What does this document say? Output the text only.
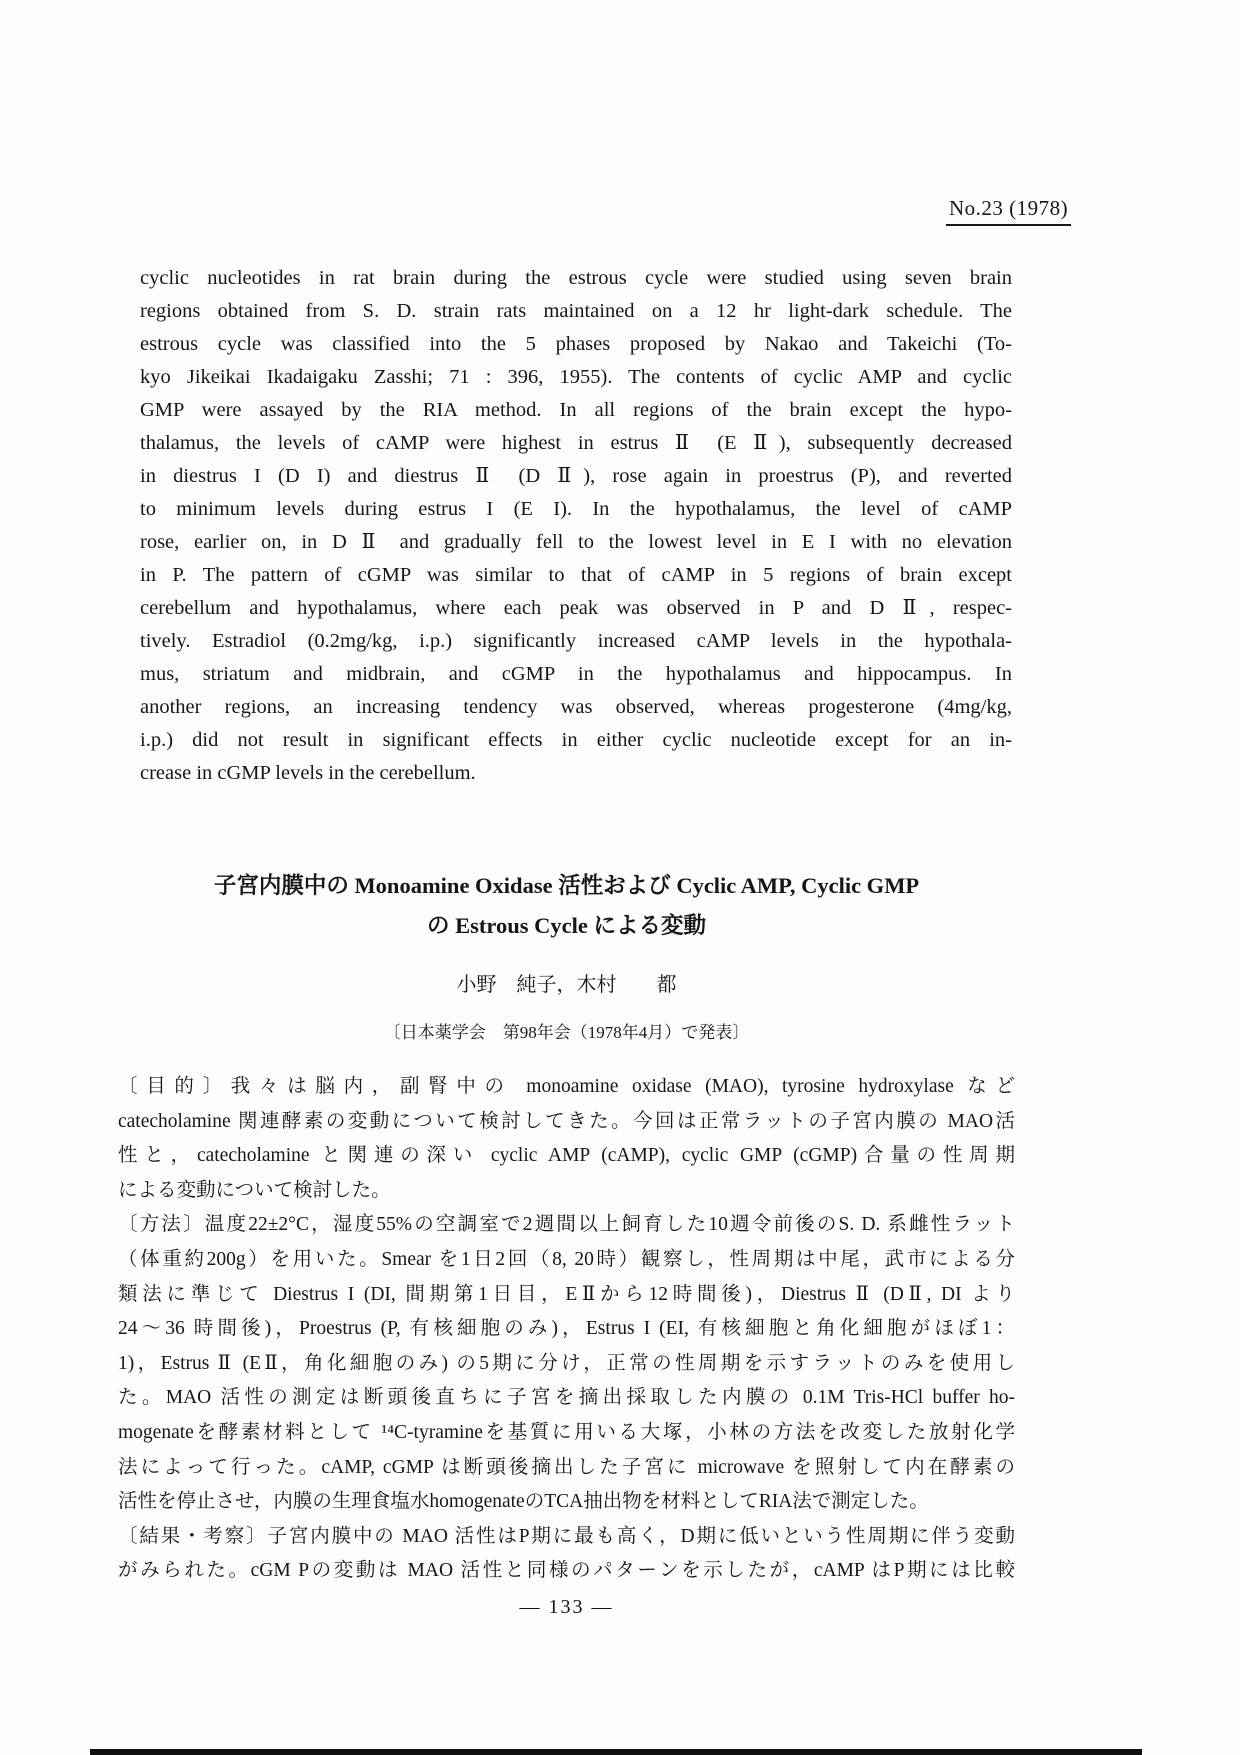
No.23 (1978)
cyclic nucleotides in rat brain during the estrous cycle were studied using seven brain
regions obtained from S. D. strain rats maintained on a 12 hr light-dark schedule. The
estrous cycle was classified into the 5 phases proposed by Nakao and Takeichi (To-
kyo Jikeikai Ikadaigaku Zasshi; 71 : 396, 1955). The contents of cyclic AMP and cyclic
GMP were assayed by the RIA method. In all regions of the brain except the hypo-
thalamus, the levels of cAMP were highest in estrus Ⅱ (E Ⅱ), subsequently decreased
in diestrus I (D I) and diestrus Ⅱ (D Ⅱ), rose again in proestrus (P), and reverted
to minimum levels during estrus I (E I). In the hypothalamus, the level of cAMP
rose, earlier on, in D Ⅱ and gradually fell to the lowest level in E I with no elevation
in P. The pattern of cGMP was similar to that of cAMP in 5 regions of brain except
cerebellum and hypothalamus, where each peak was observed in P and D Ⅱ, respec-
tively. Estradiol (0.2mg/kg, i.p.) significantly increased cAMP levels in the hypothala-
mus, striatum and midbrain, and cGMP in the hypothalamus and hippocampus. In
another regions, an increasing tendency was observed, whereas progesterone (4mg/kg,
i.p.) did not result in significant effects in either cyclic nucleotide except for an in-
crease in cGMP levels in the cerebellum.
子宮内膜中の Monoamine Oxidase 活性および Cyclic AMP, Cyclic GMP
の Estrous Cycle による変動
小野　純子，木村　　都
〔日本薬学会　第98年会（1978年4月）で発表〕
〔目的〕我々は脳内，副腎中の monoamine oxidase (MAO), tyrosine hydroxylase など
catecholamine 関連酵素の変動について検討してきた。今回は正常ラットの子宮内膜の MAO活
性と，catecholamine と関連の深い cyclic AMP (cAMP), cyclic GMP (cGMP)合量の性周期
による変動について検討した。
〔方法〕温度22±2°C，湿度55%の空調室で2週間以上飼育した10週令前後のS. D. 系雌性ラット
（体重約200g）を用いた。Smear を1日2回（8, 20時）観察し，性周期は中尾，武市による分
類法に準じて Diestrus I (DI, 間期第1日目，EⅡから12時間後)，Diestrus Ⅱ (DⅡ, DI より
24～36 時間後)，Proestrus (P, 有核細胞のみ)，Estrus I (EI, 有核細胞と角化細胞がほぼ1：
1)，Estrus Ⅱ (EⅡ，角化細胞のみ) の5期に分け，正常の性周期を示すラットのみを使用し
た。MAO 活性の測定は断頭後直ちに子宮を摘出採取した内膜の 0.1M Tris-HCl buffer ho-
mogenateを酵素材料として ¹⁴C-tyramineを基質に用いる大塚，小林の方法を改変した放射化学
法によって行った。cAMP, cGMP は断頭後摘出した子宮に microwave を照射して内在酵素の
活性を停止させ，内膜の生理食塩水homogenateのTCA抽出物を材料としてRIA法で測定した。
〔結果・考察〕子宮内膜中の MAO 活性はP期に最も高く，D期に低いという性周期に伴う変動
がみられた。cGM Pの変動は MAO 活性と同様のパターンを示したが，cAMP はP期には比較
— 133 —
